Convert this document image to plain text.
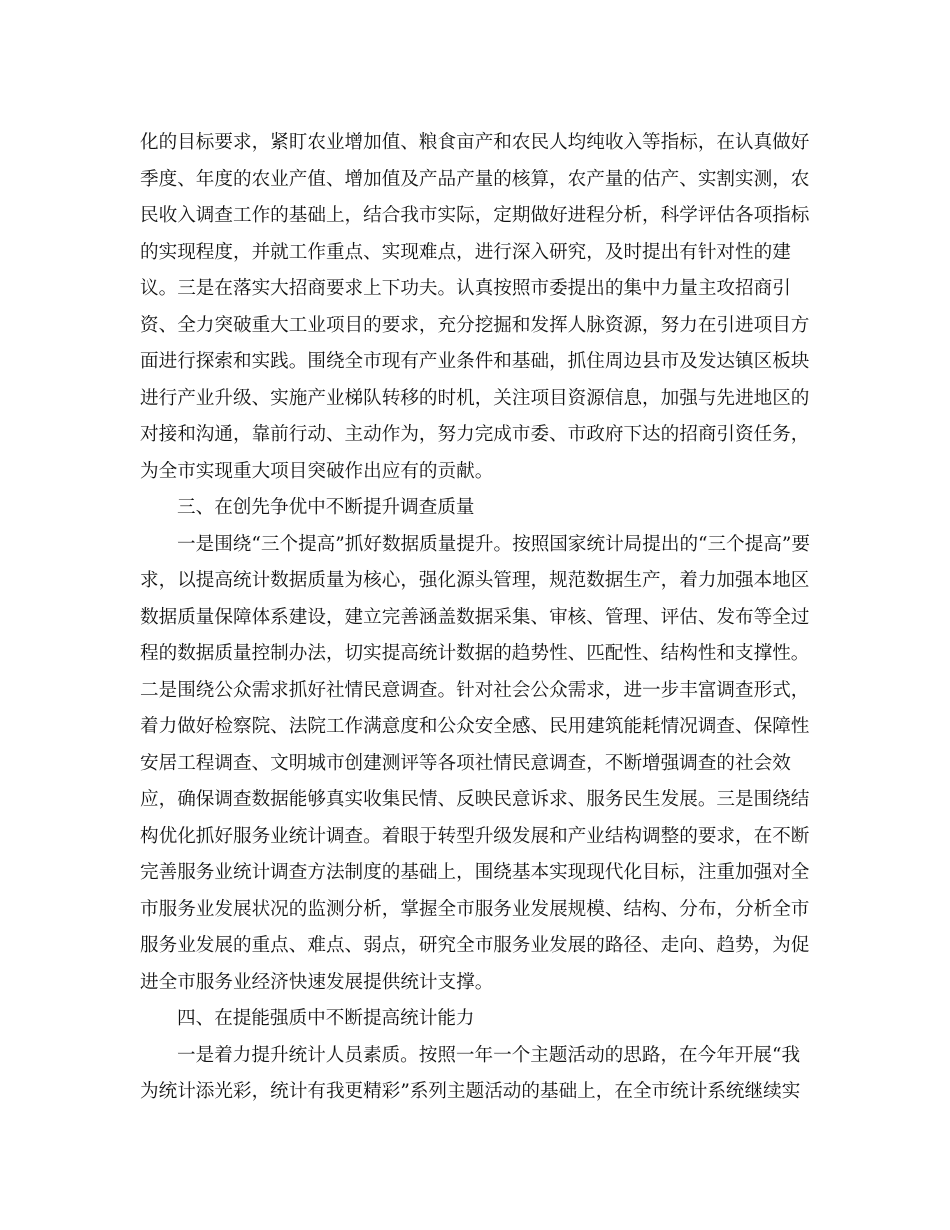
化的目标要求，紧盯农业增加值、粮食亩产和农民人均纯收入等指标，在认真做好
季度、年度的农业产值、增加值及产品产量的核算，农产量的估产、实割实测，农
民收入调查工作的基础上，结合我市实际，定期做好进程分析，科学评估各项指标
的实现程度，并就工作重点、实现难点，进行深入研究，及时提出有针对性的建
议。三是在落实大招商要求上下功夫。认真按照市委提出的集中力量主攻招商引
资、全力突破重大工业项目的要求，充分挖掘和发挥人脉资源，努力在引进项目方
面进行探索和实践。围绕全市现有产业条件和基础，抓住周边县市及发达镇区板块
进行产业升级、实施产业梯队转移的时机，关注项目资源信息，加强与先进地区的
对接和沟通，靠前行动、主动作为，努力完成市委、市政府下达的招商引资任务，
为全市实现重大项目突破作出应有的贡献。
三、在创先争优中不断提升调查质量
一是围绕“三个提高”抓好数据质量提升。按照国家统计局提出的“三个提高”要
求，以提高统计数据质量为核心，强化源头管理，规范数据生产，着力加强本地区
数据质量保障体系建设，建立完善涵盖数据采集、审核、管理、评估、发布等全过
程的数据质量控制办法，切实提高统计数据的趋势性、匹配性、结构性和支撑性。
二是围绕公众需求抓好社情民意调查。针对社会公众需求，进一步丰富调查形式，
着力做好检察院、法院工作满意度和公众安全感、民用建筑能耗情况调查、保障性
安居工程调查、文明城市创建测评等各项社情民意调查，不断增强调查的社会效
应，确保调查数据能够真实收集民情、反映民意诉求、服务民生发展。三是围绕结
构优化抓好服务业统计调查。着眼于转型升级发展和产业结构调整的要求，在不断
完善服务业统计调查方法制度的基础上，围绕基本实现现代化目标，注重加强对全
市服务业发展状况的监测分析，掌握全市服务业发展规模、结构、分布，分析全市
服务业发展的重点、难点、弱点，研究全市服务业发展的路径、走向、趋势，为促
进全市服务业经济快速发展提供统计支撑。
四、在提能强质中不断提高统计能力
一是着力提升统计人员素质。按照一年一个主题活动的思路，在今年开展“我
为统计添光彩，统计有我更精彩”系列主题活动的基础上，在全市统计系统继续实
